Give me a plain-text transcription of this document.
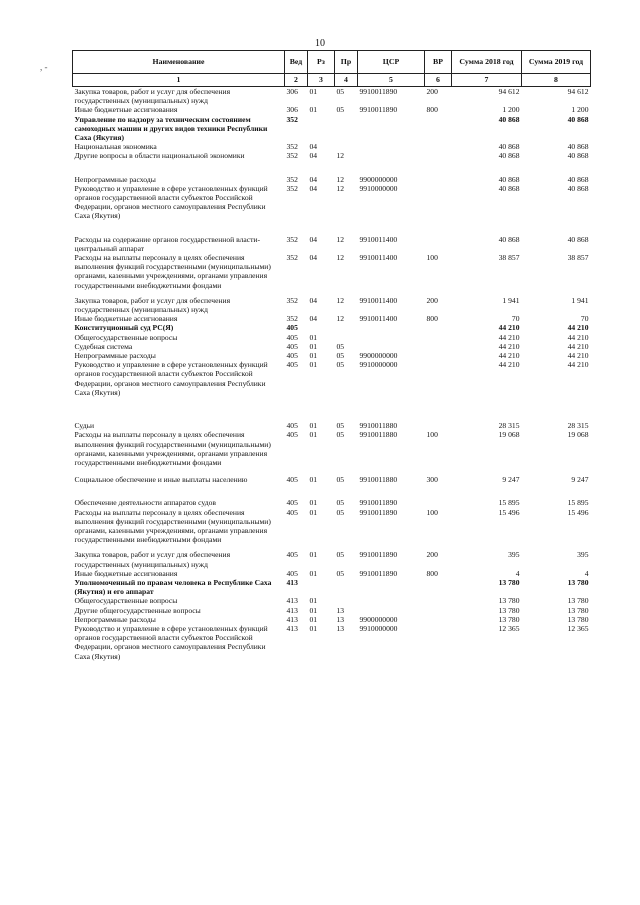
10
, -
Наименование	Вед	Рз	Пр	ЦСР	ВР	Сумма 2018 год	Сумма 2019 год
1	2	3	4	5	6	7	8
Закупка товаров, работ и услуг для обеспечения государственных (муниципальных) нужд	306	01	05	9910011890	200	94 612	94 612
Иные бюджетные ассигнования	306	01	05	9910011890	800	1 200	1 200
Управление по надзору за техническим состоянием самоходных машин и других видов техники Республики Саха (Якутия)	352					40 868	40 868
Национальная экономика	352	04				40 868	40 868
Другие вопросы в области национальной экономики	352	04	12			40 868	40 868

Непрограммные расходы	352	04	12	9900000000		40 868	40 868
Руководство и управление в сфере установленных функций органов государственной власти субъектов Российской Федерации, органов местного самоуправления Республики Саха (Якутия)	352	04	12	9910000000		40 868	40 868

Расходы на содержание органов государственной власти- центральный аппарат	352	04	12	9910011400		40 868	40 868
Расходы на выплаты персоналу в целях обеспечения выполнения функций государственными (муниципальными) органами, казенными учреждениями, органами управления государственными внебюджетными фондами	352	04	12	9910011400	100	38 857	38 857

Закупка товаров, работ и услуг для обеспечения государственных (муниципальных) нужд	352	04	12	9910011400	200	1 941	1 941
Иные бюджетные ассигнования	352	04	12	9910011400	800	70	70
Конституционный суд РС(Я)	405					44 210	44 210
Общегосударственные вопросы	405	01				44 210	44 210
Судебная система	405	01	05			44 210	44 210
Непрограммные расходы	405	01	05	9900000000		44 210	44 210
Руководство и управление в сфере установленных функций органов государственной власти субъектов Российской Федерации, органов местного самоуправления Республики Саха (Якутия)	405	01	05	9910000000		44 210	44 210

Судьи	405	01	05	9910011880		28 315	28 315
Расходы на выплаты персоналу в целях обеспечения выполнения функций государственными (муниципальными) органами, казенными учреждениями, органами управления государственными внебюджетными фондами	405	01	05	9910011880	100	19 068	19 068

Социальное обеспечение и иные выплаты населению	405	01	05	9910011880	300	9 247	9 247

Обеспечение деятельности аппаратов судов	405	01	05	9910011890		15 895	15 895
Расходы на выплаты персоналу в целях обеспечения выполнения функций государственными (муниципальными) органами, казенными учреждениями, органами управления государственными внебюджетными фондами	405	01	05	9910011890	100	15 496	15 496

Закупка товаров, работ и услуг для обеспечения государственных (муниципальных) нужд	405	01	05	9910011890	200	395	395
Иные бюджетные ассигнования	405	01	05	9910011890	800	4	4
Уполномоченный по правам человека в Республике Саха (Якутия) и его аппарат	413					13 780	13 780
Общегосударственные вопросы	413	01				13 780	13 780
Другие общегосударственные вопросы	413	01	13			13 780	13 780
Непрограммные расходы	413	01	13	9900000000		13 780	13 780
Руководство и управление в сфере установленных функций органов государственной власти субъектов Российской Федерации, органов местного самоуправления Республики Саха (Якутия)	413	01	13	9910000000		12 365	12 365
